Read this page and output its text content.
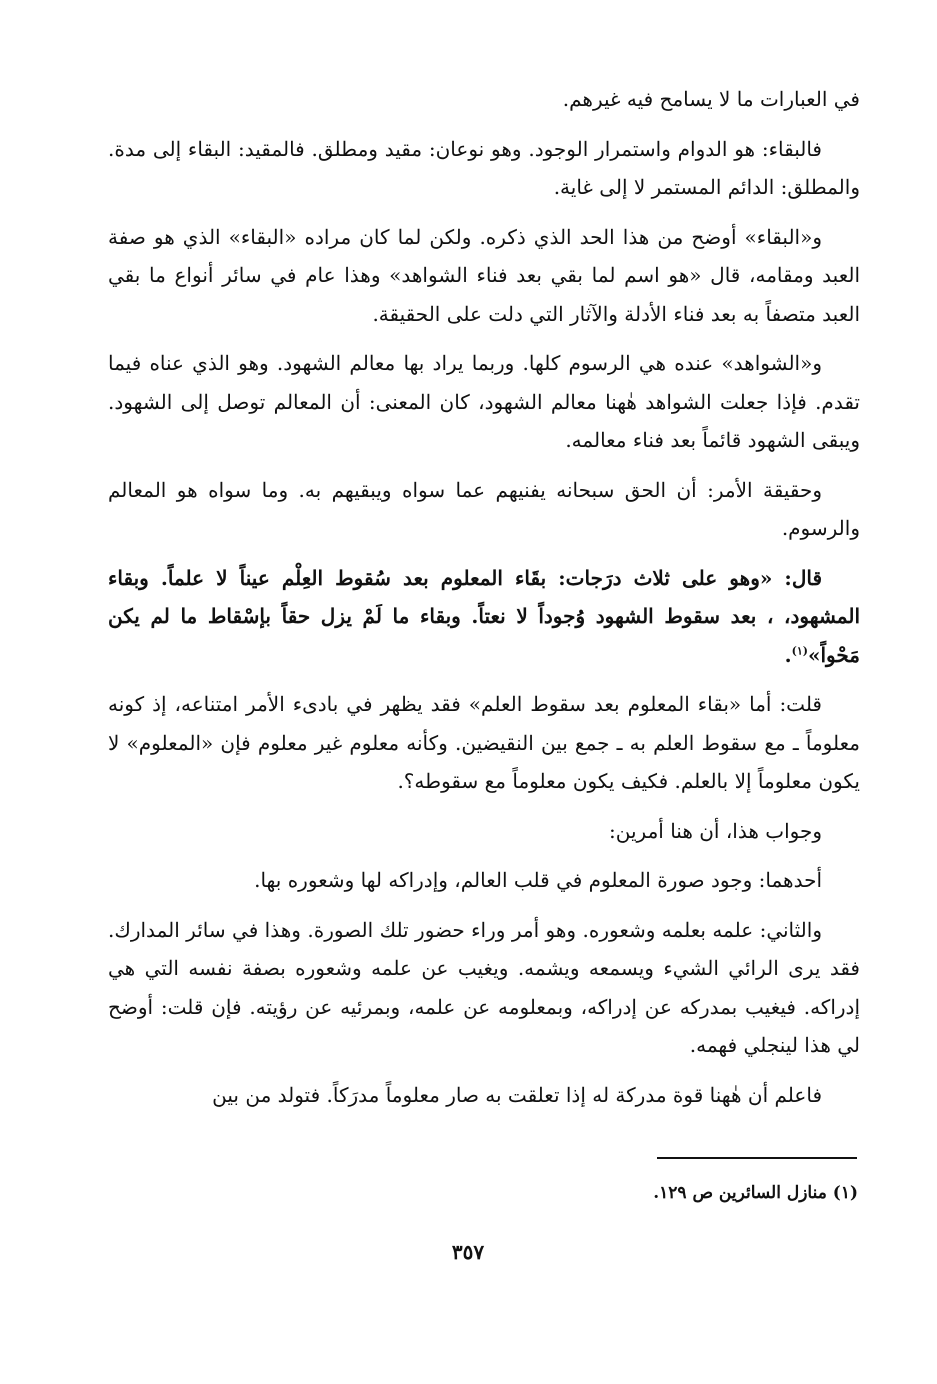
في العبارات ما لا يسامح فيه غيرهم.

فالبقاء: هو الدوام واستمرار الوجود. وهو نوعان: مقيد ومطلق. فالمقيد: البقاء إلى مدة. والمطلق: الدائم المستمر لا إلى غاية.

و«البقاء» أوضح من هذا الحد الذي ذكره. ولكن لما كان مراده «البقاء» الذي هو صفة العبد ومقامه، قال «هو اسم لما بقي بعد فناء الشواهد» وهذا عام في سائر أنواع ما بقي العبد متصفاً به بعد فناء الأدلة والآثار التي دلت على الحقيقة.

و«الشواهد» عنده هي الرسوم كلها. وربما يراد بها معالم الشهود. وهو الذي عناه فيما تقدم. فإذا جعلت الشواهد هٰهنا معالم الشهود، كان المعنى: أن المعالم توصل إلى الشهود. ويبقى الشهود قائماً بعد فناء معالمه.

وحقيقة الأمر: أن الحق سبحانه يفنيهم عما سواه ويبقيهم به. وما سواه هو المعالم والرسوم.

قال: «وهو على ثلاث درَجات: بقَاء المعلوم بعد سُقوط العِلْم عيناً لا علماً. وبقاء المشهود، ، بعد سقوط الشهود وُجوداً لا نعتاً. وبقاء ما لَمْ يزل حقاً بإسْقاط ما لم يكن مَحْواً»$^{(١)}$.

قلت: أما «بقاء المعلوم بعد سقوط العلم» فقد يظهر في بادىء الأمر امتناعه، إذ كونه معلوماً ـ مع سقوط العلم به ـ جمع بين النقيضين. وكأنه معلوم غير معلوم فإن «المعلوم» لا يكون معلوماً إلا بالعلم. فكيف يكون معلوماً مع سقوطه؟.

وجواب هذا، أن هنا أمرين:

أحدهما: وجود صورة المعلوم في قلب العالم، وإدراكه لها وشعوره بها.

والثاني: علمه بعلمه وشعوره. وهو أمر وراء حضور تلك الصورة. وهذا في سائر المدارك. فقد يرى الرائي الشيء ويسمعه ويشمه. ويغيب عن علمه وشعوره بصفة نفسه التي هي إدراكه. فيغيب بمدركه عن إدراكه، وبمعلومه عن علمه، وبمرئيه عن رؤيته. فإن قلت: أوضح لي هذا لينجلي فهمه.

فاعلم أن هٰهنا قوة مدركة له إذا تعلقت به صار معلوماً مدرَكاً. فتولد من بين

(١) منازل السائرين ص ١٢٩.
٣٥٧
